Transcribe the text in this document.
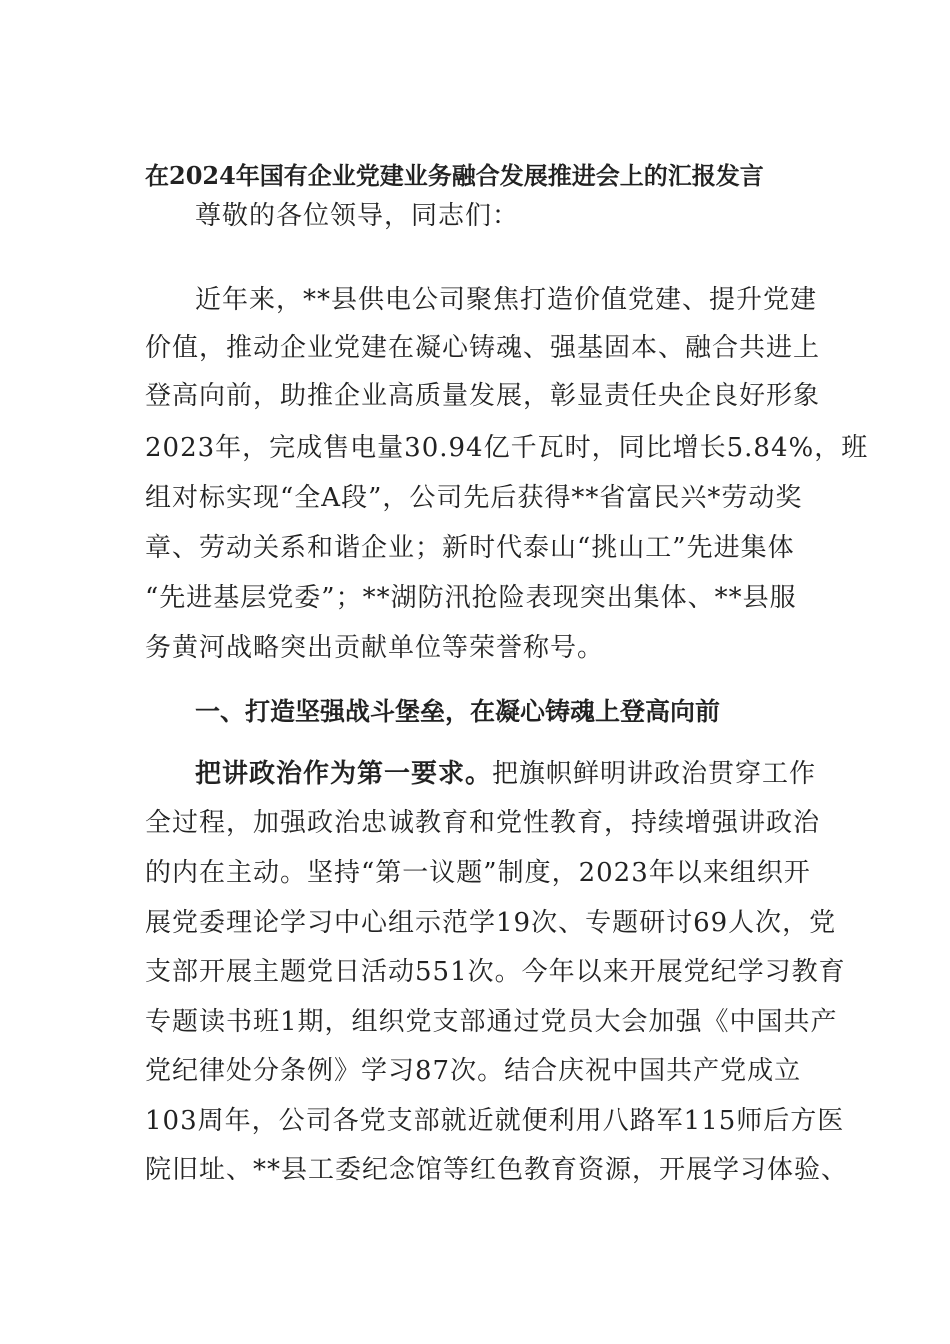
在2024年国有企业党建业务融合发展推进会上的汇报发言
尊敬的各位领导，同志们：
近年来，**县供电公司聚焦打造价值党建、提升党建
价值，推动企业党建在凝心铸魂、强基固本、融合共进上
登高向前，助推企业高质量发展，彰显责任央企良好形象
2023年，完成售电量30.94亿千瓦时，同比增长5.84%，班
组对标实现“全A段”，公司先后获得**省富民兴*劳动奖
章、劳动关系和谐企业；新时代泰山“挑山工”先进集体
“先进基层党委”；**湖防汛抢险表现突出集体、**县服
务黄河战略突出贡献单位等荣誉称号。
一、打造坚强战斗堡垒，在凝心铸魂上登高向前
把讲政治作为第一要求。把旗帜鲜明讲政治贯穿工作
全过程，加强政治忠诚教育和党性教育，持续增强讲政治
的内在主动。坚持“第一议题”制度，2023年以来组织开
展党委理论学习中心组示范学19次、专题研讨69人次，党
支部开展主题党日活动551次。今年以来开展党纪学习教育
专题读书班1期，组织党支部通过党员大会加强《中国共产
党纪律处分条例》学习87次。结合庆祝中国共产党成立
103周年，公司各党支部就近就便利用八路军115师后方医
院旧址、**县工委纪念馆等红色教育资源，开展学习体验、
